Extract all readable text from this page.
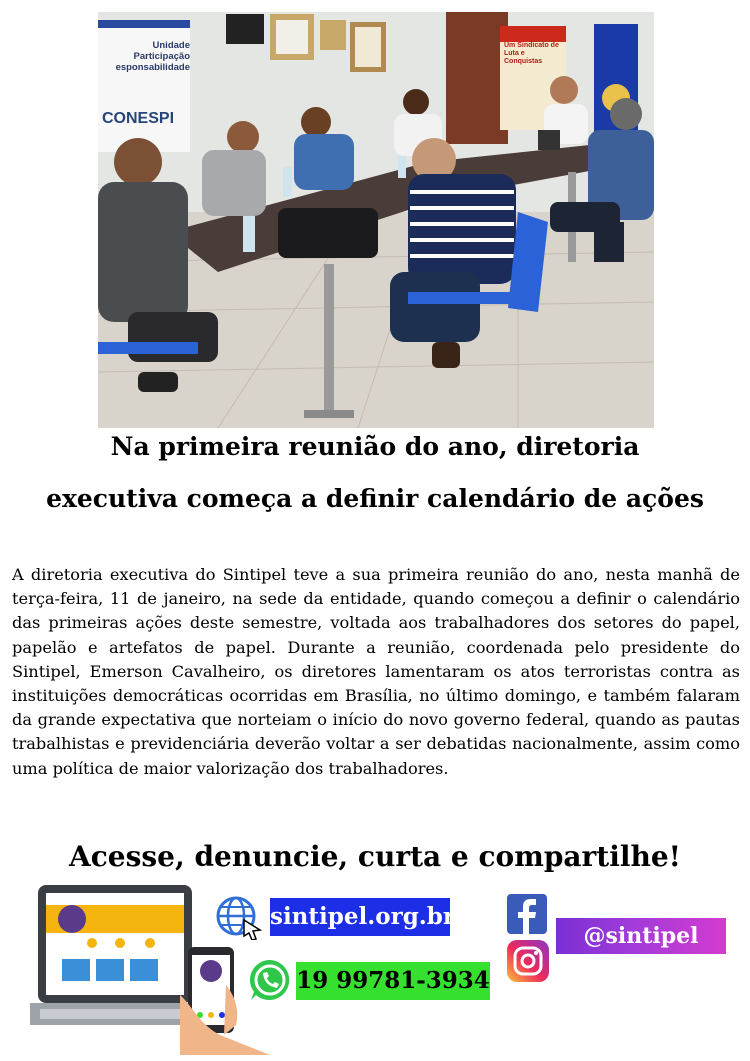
Unidade
Participação
esponsabilidade
CONESPI
Um Sindicato de Luta e Conquistas

Na primeira reunião do ano, diretoria

executiva começa a definir calendário de ações

A diretoria executiva do Sintipel teve a sua primeira reunião do ano, nesta manhã de terça-feira, 11 de janeiro, na sede da entidade, quando começou a definir o calendário das primeiras ações deste semestre, voltada aos trabalhadores dos setores do papel, papelão e artefatos de papel. Durante a reunião, coordenada pelo presidente do Sintipel, Emerson Cavalheiro, os diretores lamentaram os atos terroristas contra as instituições democráticas ocorridas em Brasília, no último domingo, e também falaram da grande expectativa que norteiam o início do novo governo federal, quando as pautas trabalhistas e previdenciária deverão voltar a ser debatidas nacionalmente, assim como uma política de maior valorização dos trabalhadores.

Acesse, denuncie, curta e compartilhe!

sintipel.org.br
19 99781-3934
@sintipel
